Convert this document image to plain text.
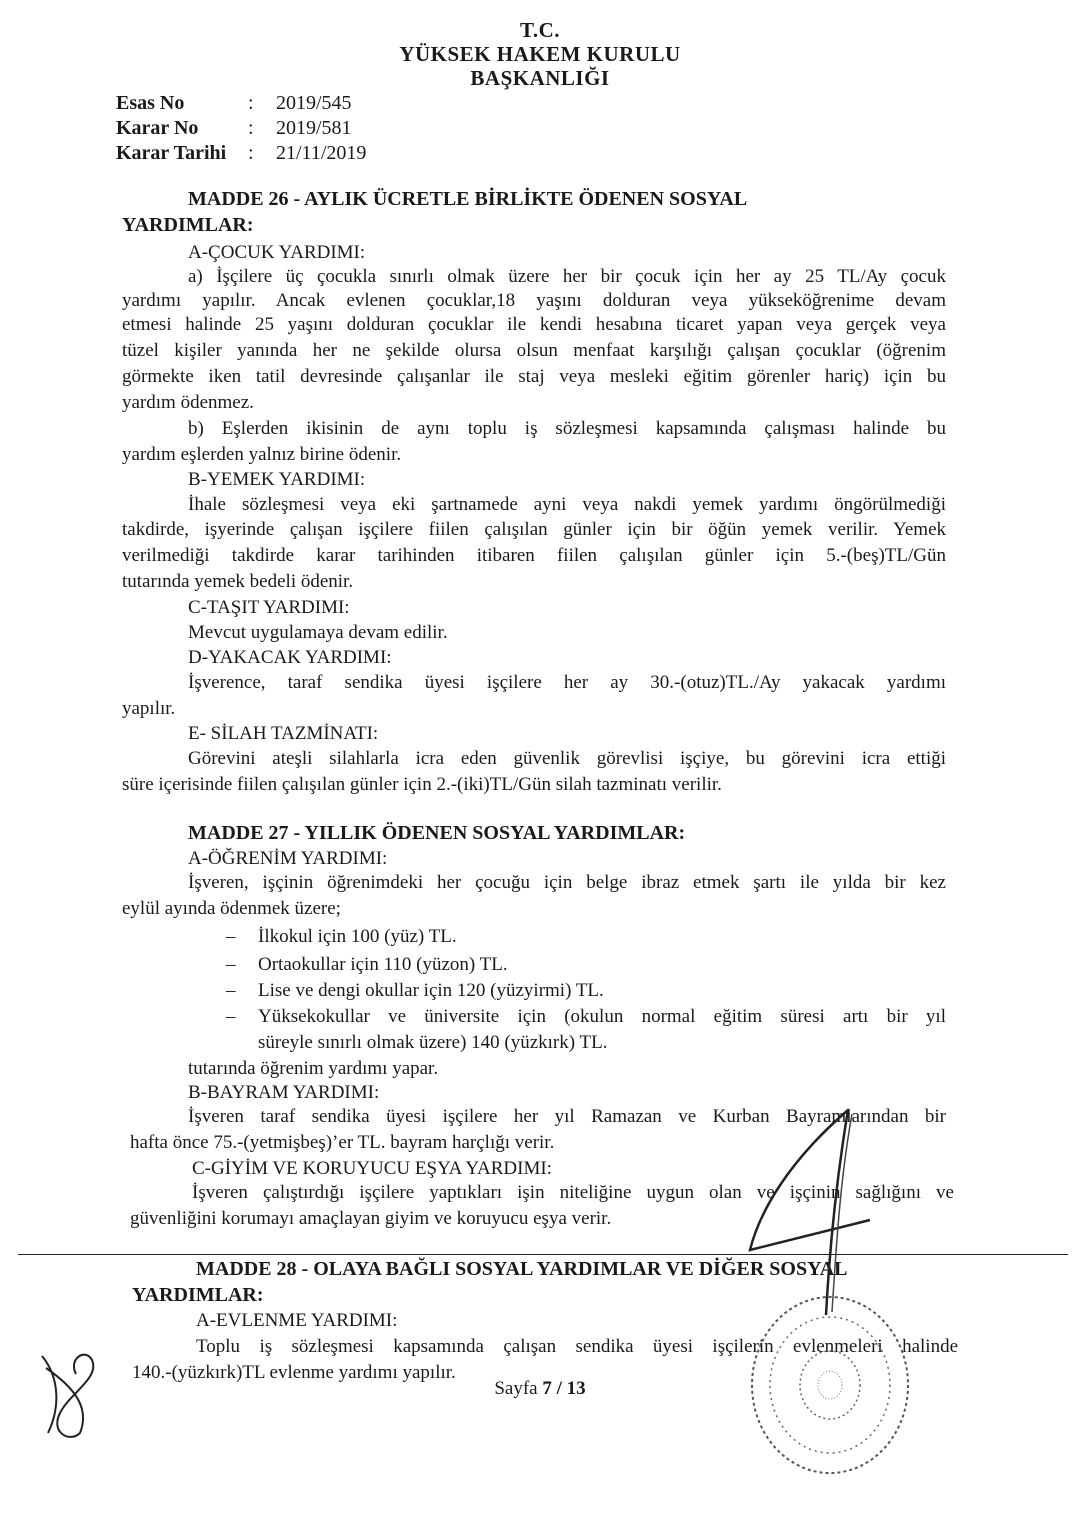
T.C.
YÜKSEK HAKEM KURULU
BAŞKANLIĞI
Esas No	: 2019/545
Karar No : 2019/581
Karar Tarihi : 21/11/2019
MADDE 26 - AYLIK ÜCRETLE BİRLİKTE ÖDENEN SOSYAL
YARDIMLAR:
A-ÇOCUK YARDIMI:
a) İşçilere üç çocukla sınırlı olmak üzere her bir çocuk için her ay 25 TL/Ay çocuk
yardımı yapılır. Ancak evlenen çocuklar,18 yaşını dolduran veya yükseköğrenime devam
etmesi halinde 25 yaşını dolduran çocuklar ile kendi hesabına ticaret yapan veya gerçek veya
tüzel kişiler yanında her ne şekilde olursa olsun menfaat karşılığı çalışan çocuklar (öğrenim
görmekte iken tatil devresinde çalışanlar ile staj veya mesleki eğitim görenler hariç) için bu
yardım ödenmez.
b) Eşlerden ikisinin de aynı toplu iş sözleşmesi kapsamında çalışması halinde bu
yardım eşlerden yalnız birine ödenir.
B-YEMEK YARDIMI:
İhale sözleşmesi veya eki şartnamede ayni veya nakdi yemek yardımı öngörülmediği
takdirde, işyerinde çalışan işçilere fiilen çalışılan günler için bir öğün yemek verilir. Yemek
verilmediği takdirde karar tarihinden itibaren fiilen çalışılan günler için 5.-(beş)TL/Gün
tutarında yemek bedeli ödenir.
C-TAŞIT YARDIMI:
Mevcut uygulamaya devam edilir.
D-YAKACAK YARDIMI:
İşverence, taraf sendika üyesi işçilere her ay 30.-(otuz)TL./Ay yakacak yardımı
yapılır.
E- SİLAH TAZMİNATI:
Görevini ateşli silahlarla icra eden güvenlik görevlisi işçiye, bu görevini icra ettiği
süre içerisinde fiilen çalışılan günler için 2.-(iki)TL/Gün silah tazminatı verilir.
MADDE 27 - YILLIK ÖDENEN SOSYAL YARDIMLAR:
A-ÖĞRENİM YARDIMI:
İşveren, işçinin öğrenimdeki her çocuğu için belge ibraz etmek şartı ile yılda bir kez
eylül ayında ödenmek üzere;
– İlkokul için 100 (yüz) TL.
– Ortaokullar için 110 (yüzon) TL.
– Lise ve dengi okullar için 120 (yüzyirmi) TL.
– Yüksekokullar ve üniversite için (okulun normal eğitim süresi artı bir yıl
süreyle sınırlı olmak üzere) 140 (yüzkırk) TL.
tutarında öğrenim yardımı yapar.
B-BAYRAM YARDIMI:
İşveren taraf sendika üyesi işçilere her yıl Ramazan ve Kurban Bayramlarından bir
hafta önce 75.-(yetmişbeş)’er TL. bayram harçlığı verir.
C-GİYİM VE KORUYUCU EŞYA YARDIMI:
İşveren çalıştırdığı işçilere yaptıkları işin niteliğine uygun olan ve işçinin sağlığını ve
güvenliğini korumayı amaçlayan giyim ve koruyucu eşya verir.
MADDE 28 - OLAYA BAĞLI SOSYAL YARDIMLAR VE DİĞER SOSYAL
YARDIMLAR:
A-EVLENME YARDIMI:
Toplu iş sözleşmesi kapsamında çalışan sendika üyesi işçilerin evlenmeleri halinde
140.-(yüzkırk)TL evlenme yardımı yapılır.
Sayfa 7 / 13
